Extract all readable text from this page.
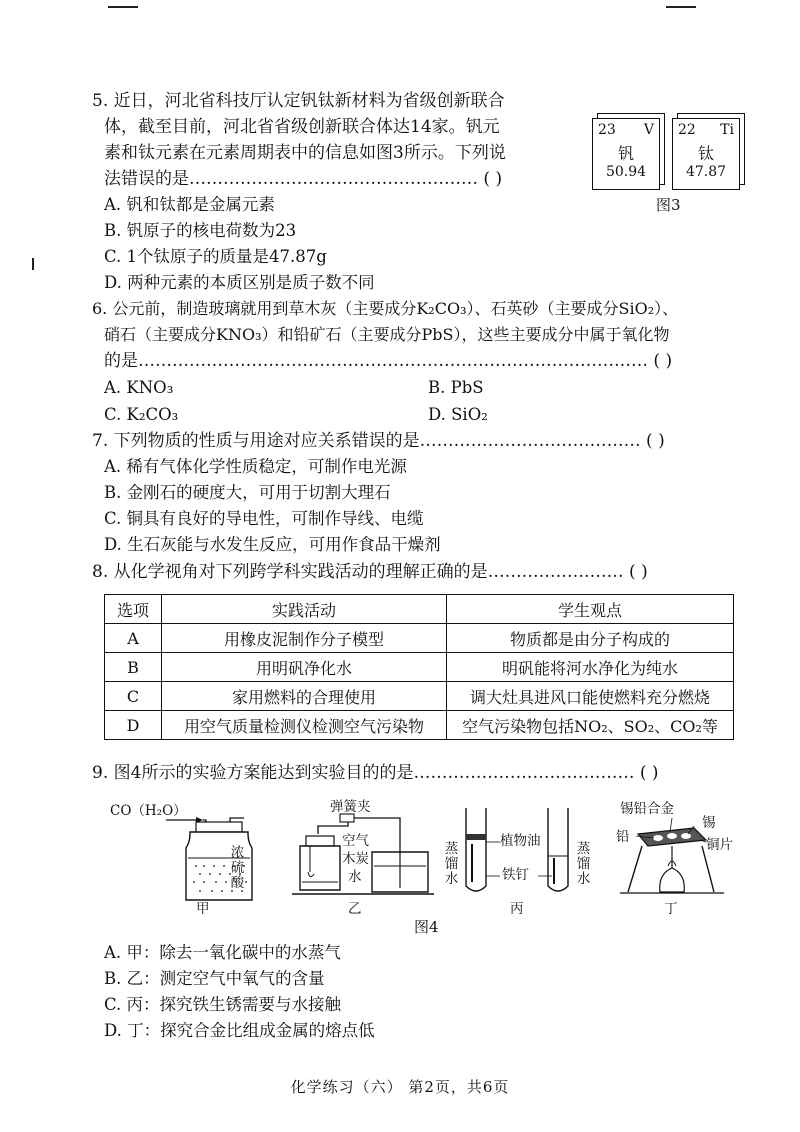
5. 近日，河北省科技厅认定钒钛新材料为省级创新联合
体，截至目前，河北省省级创新联合体达14家。钒元
素和钛元素在元素周期表中的信息如图3所示。下列说
法错误的是…………………………………………… ( )
A. 钒和钛都是金属元素
B. 钒原子的核电荷数为23
C. 1个钛原子的质量是47.87g
D. 两种元素的本质区别是质子数不同
23 V
钒
50.94
22 Ti
钛
47.87
图3
6. 公元前，制造玻璃就用到草木灰（主要成分K₂CO₃）、石英砂（主要成分SiO₂）、
硝石（主要成分KNO₃）和铅矿石（主要成分PbS），这些主要成分中属于氧化物
的是……………………………………………………………………………… ( )
A. KNO₃	B. PbS
C. K₂CO₃	D. SiO₂
7. 下列物质的性质与用途对应关系错误的是………………………………… ( )
A. 稀有气体化学性质稳定，可制作电光源
B. 金刚石的硬度大，可用于切割大理石
C. 铜具有良好的导电性，可制作导线、电缆
D. 生石灰能与水发生反应，可用作食品干燥剂
8. 从化学视角对下列跨学科实践活动的理解正确的是…………………… ( )
选项	实践活动	学生观点
A	用橡皮泥制作分子模型	物质都是由分子构成的
B	用明矾净化水	明矾能将河水净化为纯水
C	家用燃料的合理使用	调大灶具进风口能使燃料充分燃烧
D	用空气质量检测仪检测空气污染物	空气污染物包括NO₂、SO₂、CO₂等
9. 图4所示的实验方案能达到实验目的的是………………………………… ( )
CO（H₂O）
浓硫酸
甲
弹簧夹
空气
木炭
水
乙
蒸馏水
植物油
铁钉
蒸馏水
丙
锡铅合金
锡
铅	铜片
丁
图4
A. 甲：除去一氧化碳中的水蒸气
B. 乙：测定空气中氧气的含量
C. 丙：探究铁生锈需要与水接触
D. 丁：探究合金比组成金属的熔点低
化学练习（六） 第2页，共6页
